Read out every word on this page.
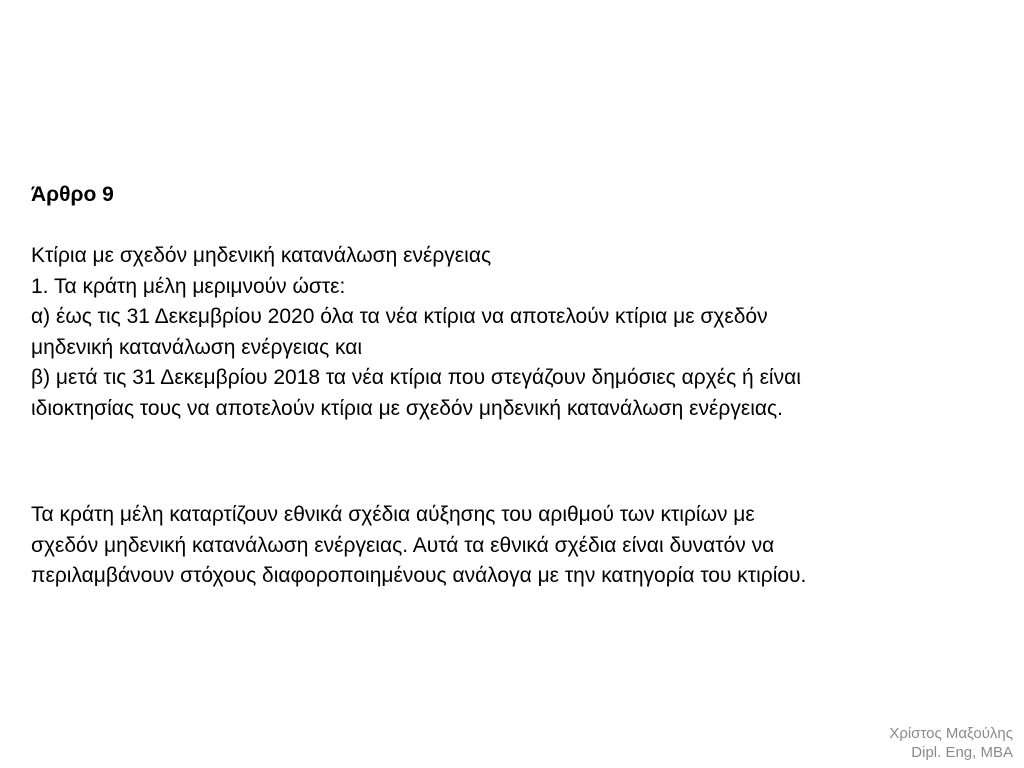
Άρθρο 9

Κτίρια με σχεδόν μηδενική κατανάλωση ενέργειας
1. Τα κράτη μέλη μεριμνούν ώστε:
α) έως τις 31 Δεκεμβρίου 2020 όλα τα νέα κτίρια να αποτελούν κτίρια με σχεδόν
μηδενική κατανάλωση ενέργειας και
β) μετά τις 31 Δεκεμβρίου 2018 τα νέα κτίρια που στεγάζουν δημόσιες αρχές ή είναι
ιδιοκτησίας τους να αποτελούν κτίρια με σχεδόν μηδενική κατανάλωση ενέργειας.
Τα κράτη μέλη καταρτίζουν εθνικά σχέδια αύξησης του αριθμού των κτιρίων με
σχεδόν μηδενική κατανάλωση ενέργειας. Αυτά τα εθνικά σχέδια είναι δυνατόν να
περιλαμβάνουν στόχους διαφοροποιημένους ανάλογα με την κατηγορία του κτιρίου.
Χρίστος Μαξούλης
Dipl. Eng, MBA
